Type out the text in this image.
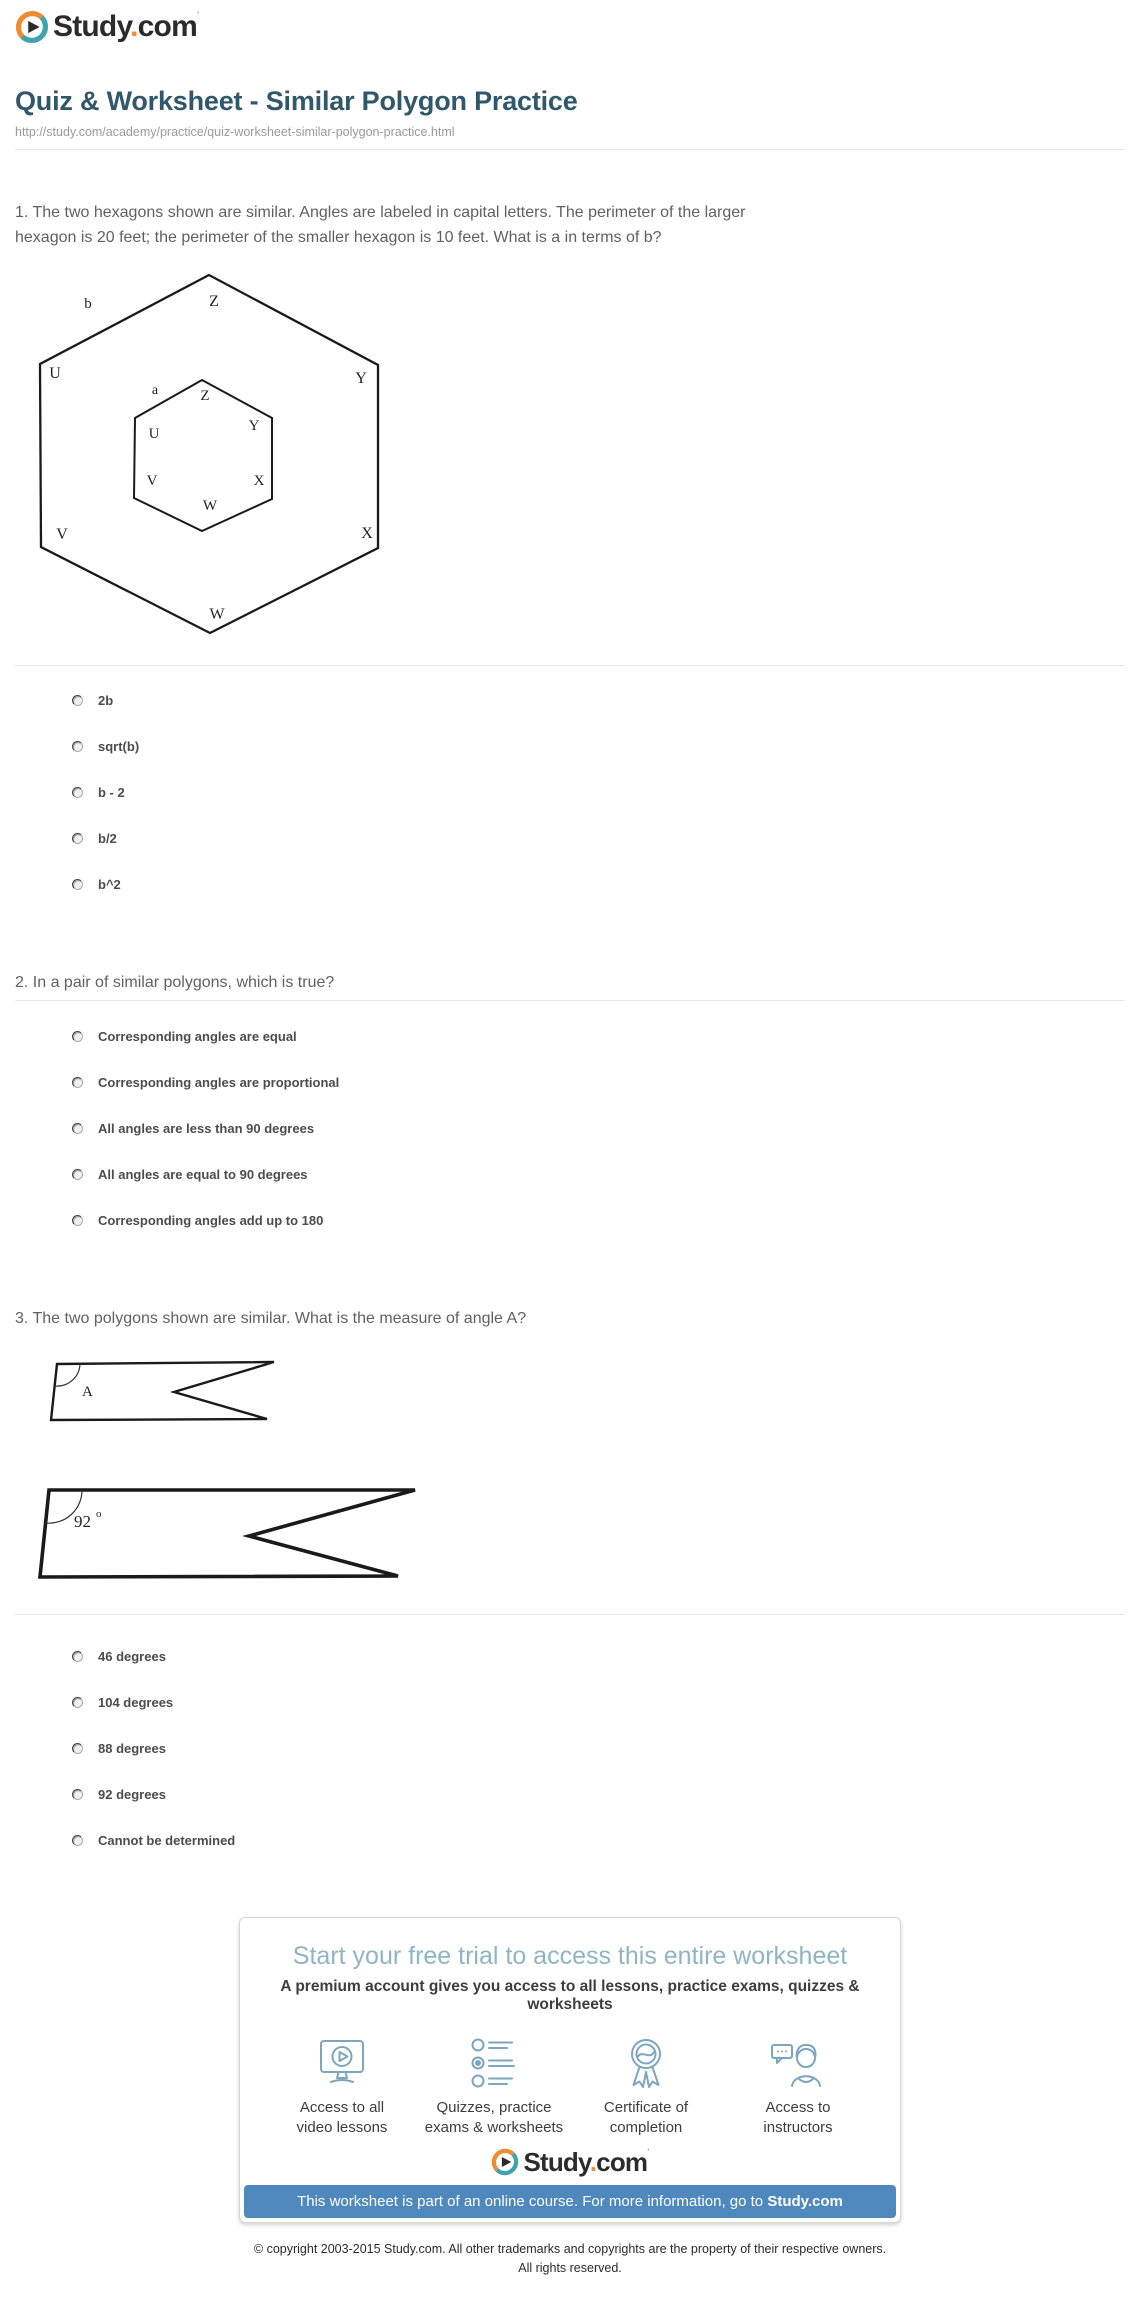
Study.com'
Quiz & Worksheet - Similar Polygon Practice
http://study.com/academy/practice/quiz-worksheet-similar-polygon-practice.html

1. The two hexagons shown are similar. Angles are labeled in capital letters. The perimeter of the larger hexagon is 20 feet; the perimeter of the smaller hexagon is 10 feet. What is a in terms of b?

b	Z
U	Y
V	X
W
a	Z
U	Y
V	X
W
2b
sqrt(b)
b - 2
b/2
b^2

2. In a pair of similar polygons, which is true?

Corresponding angles are equal
Corresponding angles are proportional
All angles are less than 90 degrees
All angles are equal to 90 degrees
Corresponding angles add up to 180

3. The two polygons shown are similar. What is the measure of angle A?

A
92 o
46 degrees
104 degrees
88 degrees
92 degrees
Cannot be determined
Start your free trial to access this entire worksheet
A premium account gives you access to all lessons, practice exams, quizzes & worksheets
Access to all
video lessons
Quizzes, practice
exams & worksheets
Certificate of
completion
Access to
instructors
Study.com'
This worksheet is part of an online course. For more information, go to Study.com
© copyright 2003-2015 Study.com. All other trademarks and copyrights are the property of their respective owners.
All rights reserved.
